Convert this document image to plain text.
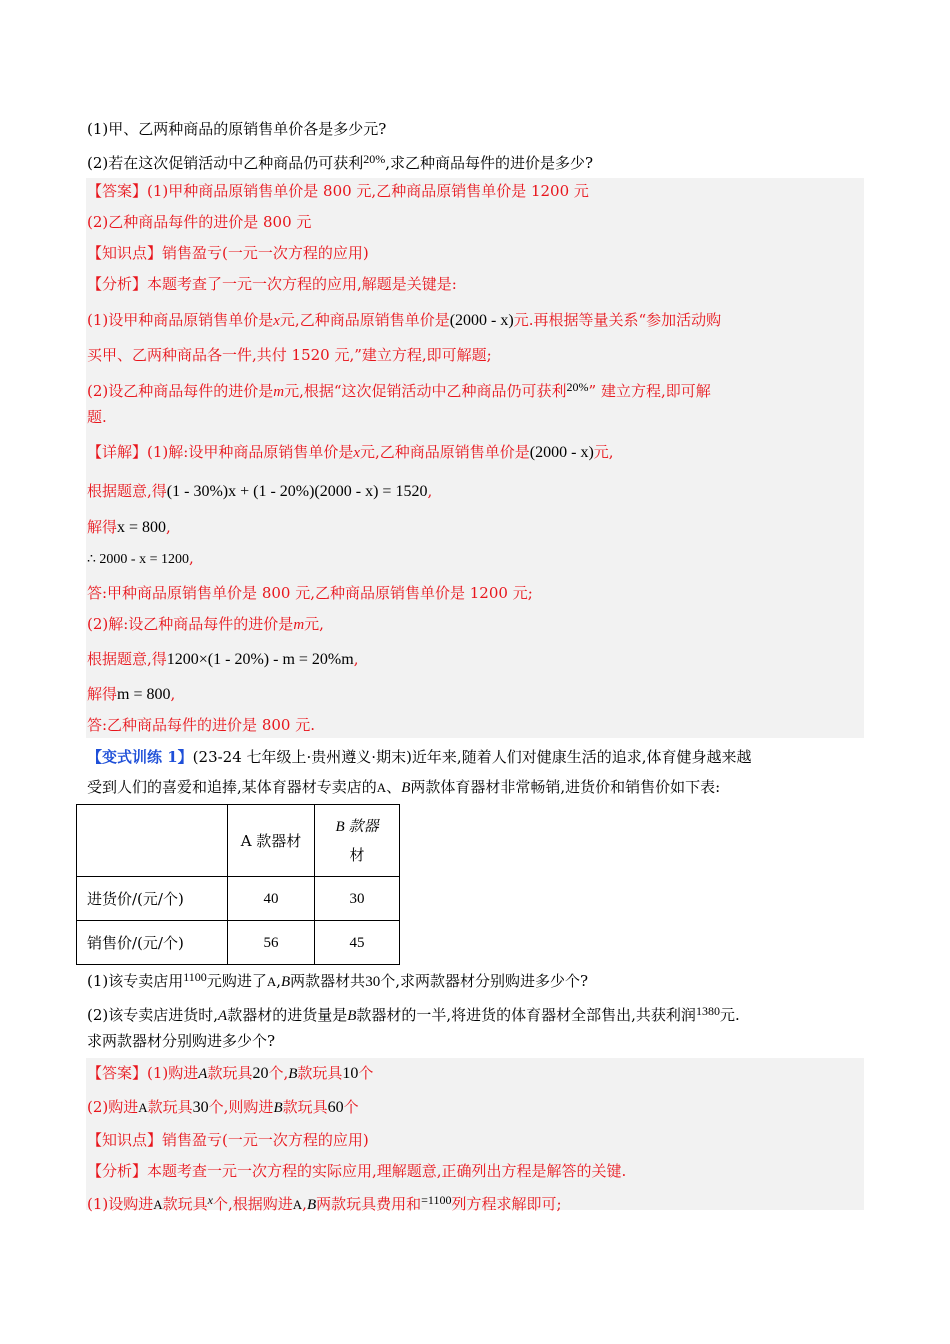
(1)甲、乙两种商品的原销售单价各是多少元?
(2)若在这次促销活动中乙种商品仍可获利$^{20\%}$,求乙种商品每件的进价是多少?
【答案】(1)甲种商品原销售单价是 800 元,乙种商品原销售单价是 1200 元
(2)乙种商品每件的进价是 800 元
【知识点】销售盈亏(一元一次方程的应用)
【分析】本题考查了一元一次方程的应用,解题是关键是:
(1)设甲种商品原销售单价是x元,乙种商品原销售单价是(2000 - x)元.再根据等量关系“参加活动购
买甲、乙两种商品各一件,共付 1520 元,”建立方程,即可解题;
(2)设乙种商品每件的进价是m元,根据“这次促销活动中乙种商品仍可获利$^{20\%}$” 建立方程,即可解
题.
【详解】(1)解:设甲种商品原销售单价是x元,乙种商品原销售单价是(2000 - x)元,
根据题意,得(1 - 30%)x + (1 - 20%)(2000 - x) = 1520,
解得x = 800,
∴ 2000 - x = 1200,
答:甲种商品原销售单价是 800 元,乙种商品原销售单价是 1200 元;
(2)解:设乙种商品每件的进价是m元,
根据题意,得1200×(1 - 20%) - m = 20%m,
解得m = 800,
答:乙种商品每件的进价是 800 元.
【变式训练 1】(23-24 七年级上·贵州遵义·期末)近年来,随着人们对健康生活的追求,体育健身越来越
受到人们的喜爱和追捧,某体育器材专卖店的A、B两款体育器材非常畅销,进货价和销售价如下表:
	A 款器材	B 款器
材
进货价/(元/个)	40	30
销售价/(元/个)	56	45
(1)该专卖店用$^{1100}$元购进了A,B两款器材共30个,求两款器材分别购进多少个?
(2)该专卖店进货时,A款器材的进货量是B款器材的一半,将进货的体育器材全部售出,共获利润$^{1380}$元.
求两款器材分别购进多少个?
【答案】(1)购进A款玩具20个,B款玩具10个
(2)购进A款玩具30个,则购进B款玩具60个
【知识点】销售盈亏(一元一次方程的应用)
【分析】本题考查一元一次方程的实际应用,理解题意,正确列出方程是解答的关键.
(1)设购进A款玩具$^x$个,根据购进A,B两款玩具费用和$^{=1100}$列方程求解即可;
